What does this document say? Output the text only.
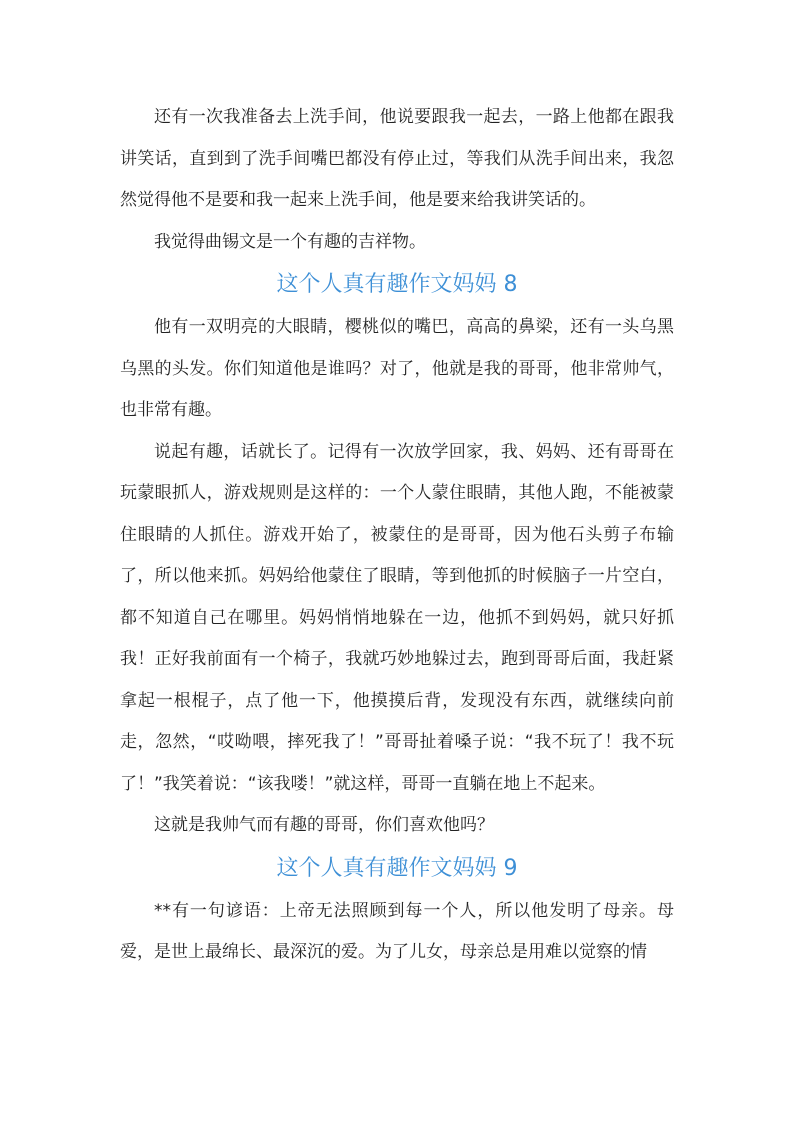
还有一次我准备去上洗手间，他说要跟我一起去，一路上他都在跟我讲笑话，直到到了洗手间嘴巴都没有停止过，等我们从洗手间出来，我忽然觉得他不是要和我一起来上洗手间，他是要来给我讲笑话的。

我觉得曲锡文是一个有趣的吉祥物。

这个人真有趣作文妈妈 8

他有一双明亮的大眼睛，樱桃似的嘴巴，高高的鼻梁，还有一头乌黑乌黑的头发。你们知道他是谁吗？对了，他就是我的哥哥，他非常帅气，也非常有趣。

说起有趣，话就长了。记得有一次放学回家，我、妈妈、还有哥哥在玩蒙眼抓人，游戏规则是这样的：一个人蒙住眼睛，其他人跑，不能被蒙住眼睛的人抓住。游戏开始了，被蒙住的是哥哥，因为他石头剪子布输了，所以他来抓。妈妈给他蒙住了眼睛，等到他抓的时候脑子一片空白，都不知道自己在哪里。妈妈悄悄地躲在一边，他抓不到妈妈，就只好抓我！正好我前面有一个椅子，我就巧妙地躲过去，跑到哥哥后面，我赶紧拿起一根棍子，点了他一下，他摸摸后背，发现没有东西，就继续向前走，忽然，“哎呦喂，摔死我了！”哥哥扯着嗓子说：“我不玩了！我不玩了！”我笑着说：“该我喽！”就这样，哥哥一直躺在地上不起来。

这就是我帅气而有趣的哥哥，你们喜欢他吗？

这个人真有趣作文妈妈 9

**有一句谚语：上帝无法照顾到每一个人，所以他发明了母亲。母爱，是世上最绵长、最深沉的爱。为了儿女，母亲总是用难以觉察的情
